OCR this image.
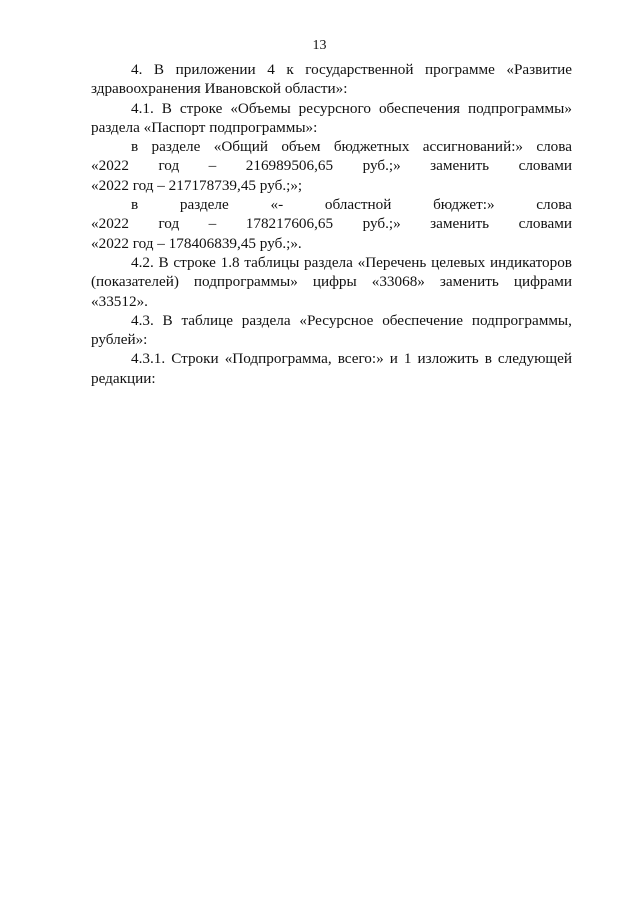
13
4. В приложении 4 к государственной программе «Развитие
здравоохранения Ивановской области»:
4.1. В строке «Объемы ресурсного обеспечения подпрограммы»
раздела «Паспорт подпрограммы»:
в разделе «Общий объем бюджетных ассигнований:» слова
«2022 год – 216989506,65 руб.;» заменить словами
«2022 год – 217178739,45 руб.;»;
в	разделе	«-	областной	бюджет:»	слова
«2022 год – 178217606,65 руб.;» заменить словами
«2022 год – 178406839,45 руб.;».
4.2. В строке 1.8 таблицы раздела «Перечень целевых индикаторов
(показателей) подпрограммы» цифры «33068» заменить цифрами
«33512».
4.3. В таблице раздела «Ресурсное обеспечение подпрограммы,
рублей»:
4.3.1. Строки «Подпрограмма, всего:» и 1 изложить в следующей
редакции:
